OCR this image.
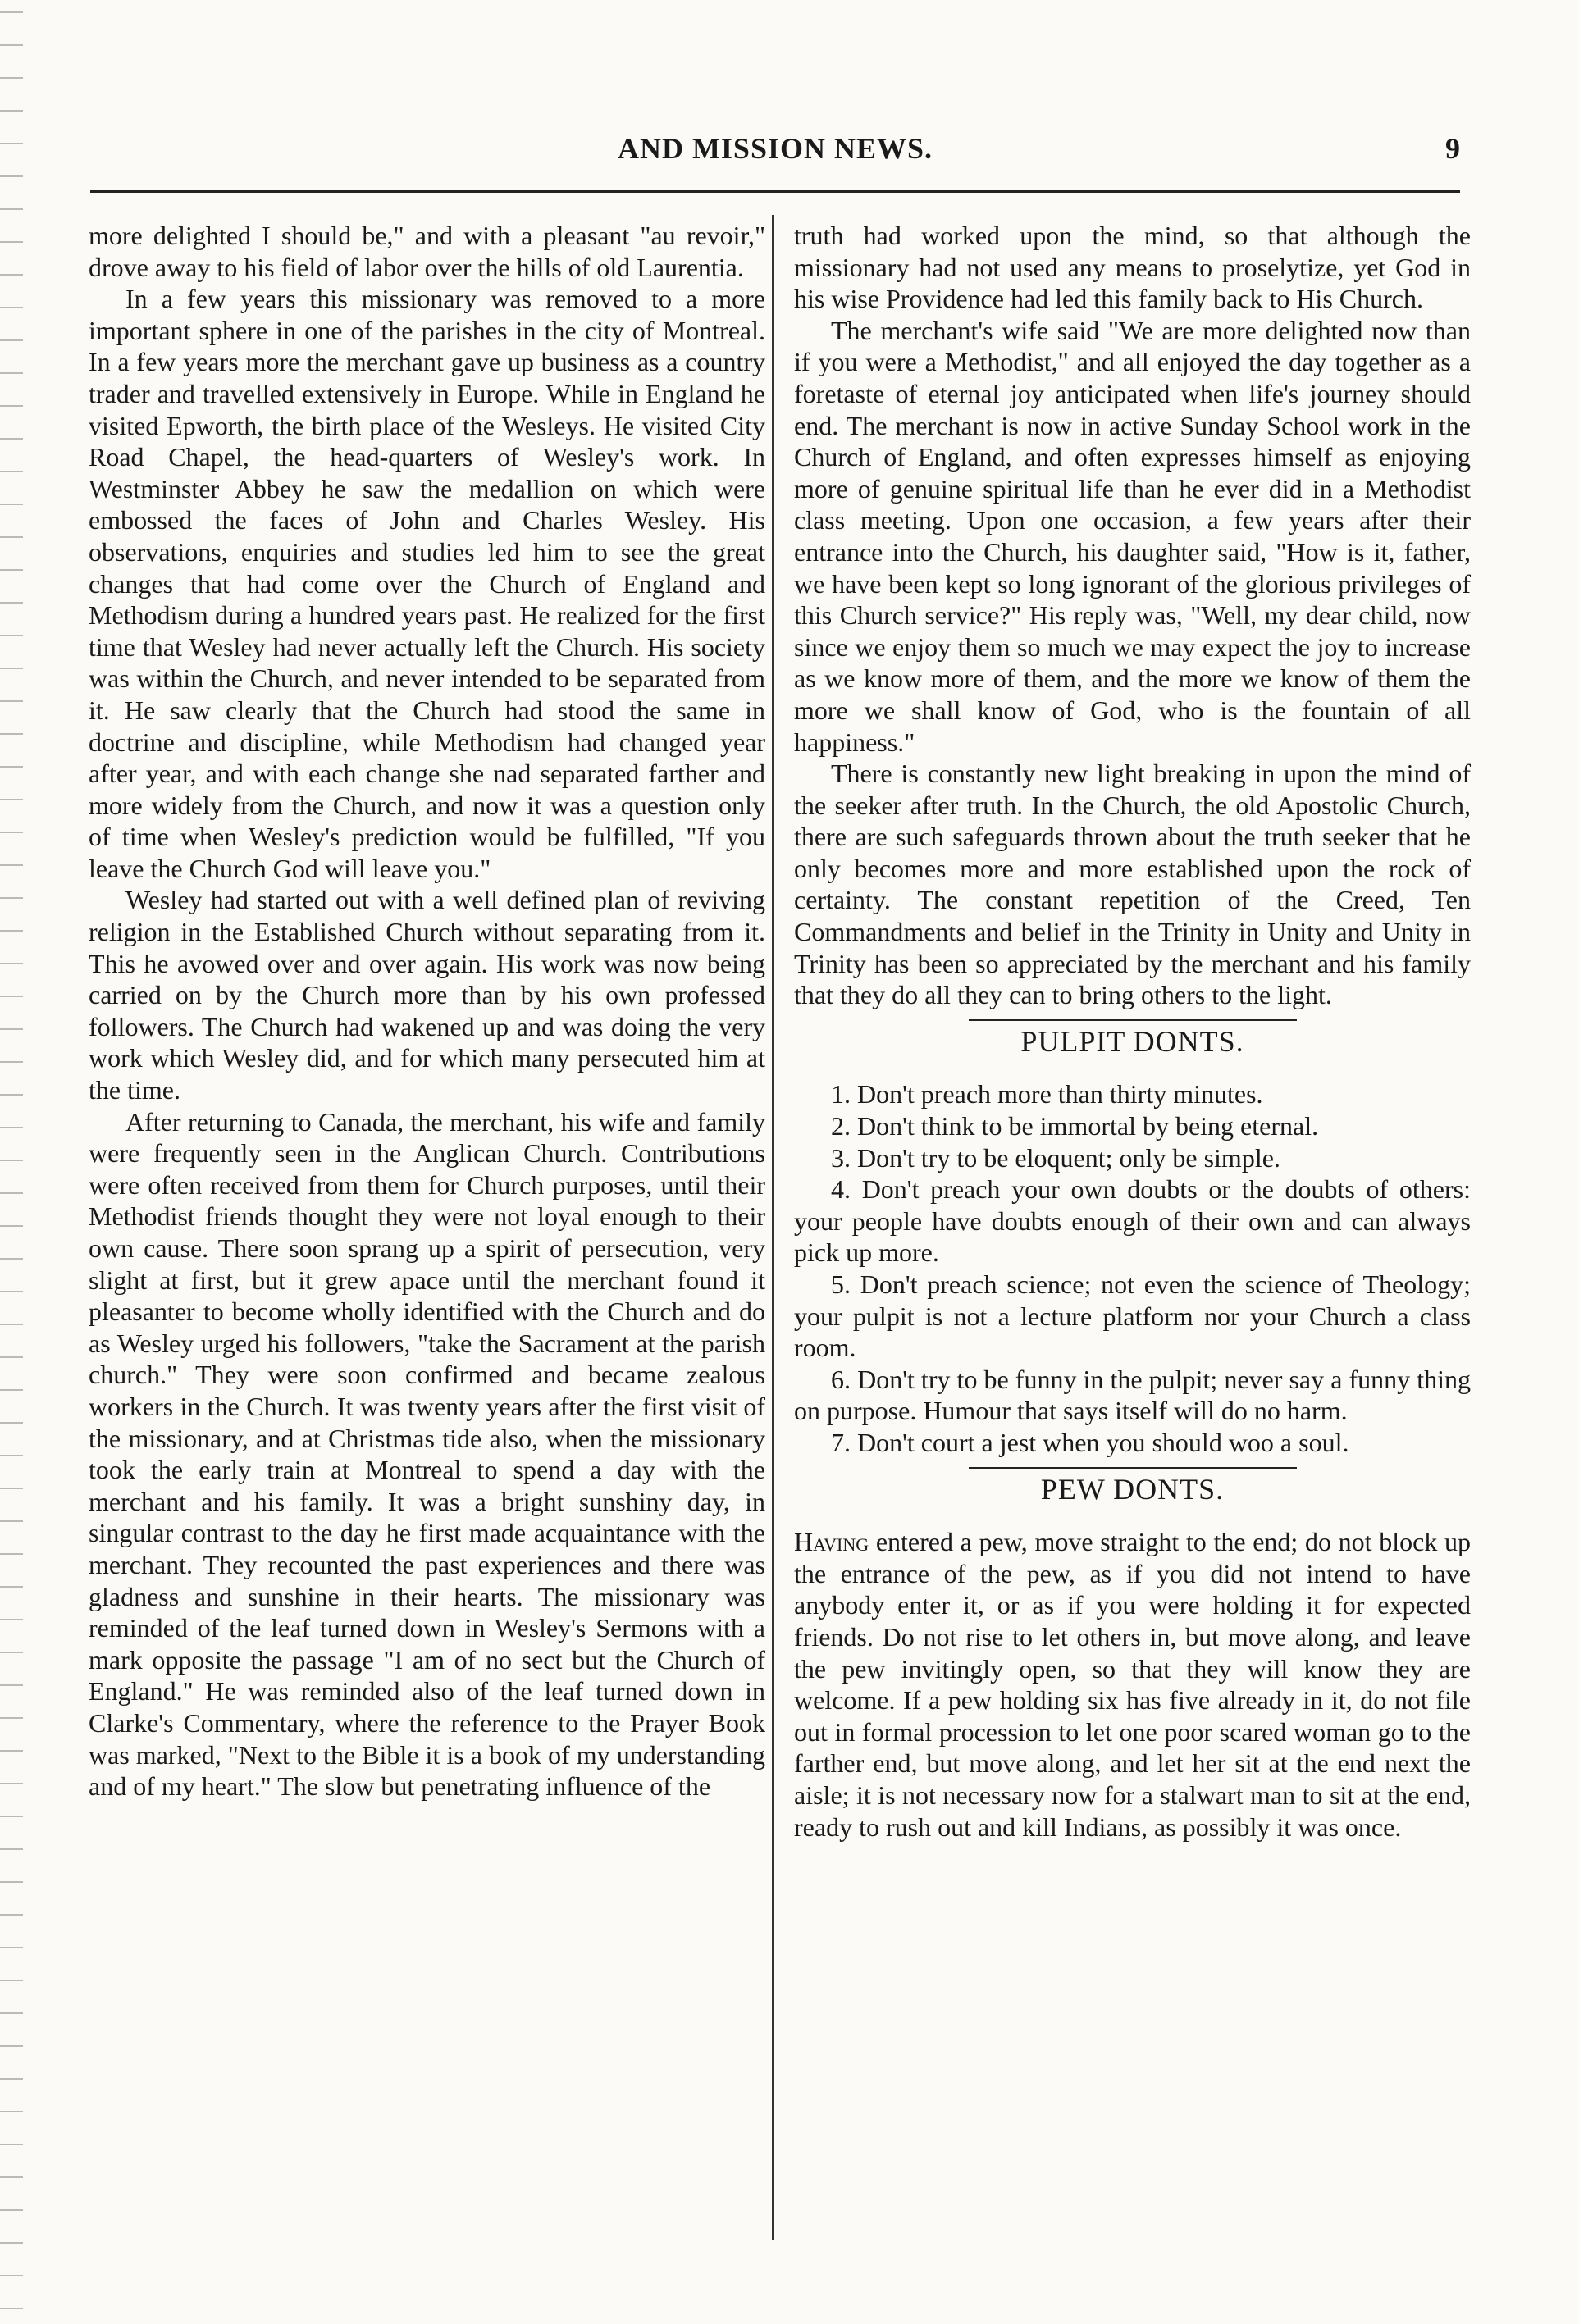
AND MISSION NEWS.	9

more delighted I should be," and with a pleasant "au revoir," drove away to his field of labor over the hills of old Laurentia.

In a few years this missionary was removed to a more important sphere in one of the parishes in the city of Montreal. In a few years more the merchant gave up business as a country trader and travelled extensively in Europe. While in England he visited Epworth, the birth place of the Wesleys. He visited City Road Chapel, the head-quarters of Wesley's work. In Westminster Abbey he saw the medallion on which were embossed the faces of John and Charles Wesley. His observations, enquiries and studies led him to see the great changes that had come over the Church of England and Methodism during a hundred years past. He realized for the first time that Wesley had never actually left the Church. His society was within the Church, and never intended to be separated from it. He saw clearly that the Church had stood the same in doctrine and discipline, while Methodism had changed year after year, and with each change she nad separated farther and more widely from the Church, and now it was a question only of time when Wesley's prediction would be fulfilled, "If you leave the Church God will leave you."

Wesley had started out with a well defined plan of reviving religion in the Established Church without separating from it. This he avowed over and over again. His work was now being carried on by the Church more than by his own professed followers. The Church had wakened up and was doing the very work which Wesley did, and for which many persecuted him at the time.

After returning to Canada, the merchant, his wife and family were frequently seen in the Anglican Church. Contributions were often received from them for Church purposes, until their Methodist friends thought they were not loyal enough to their own cause. There soon sprang up a spirit of persecution, very slight at first, but it grew apace until the merchant found it pleasanter to become wholly identified with the Church and do as Wesley urged his followers, "take the Sacrament at the parish church." They were soon confirmed and became zealous workers in the Church. It was twenty years after the first visit of the missionary, and at Christmas tide also, when the missionary took the early train at Montreal to spend a day with the merchant and his family. It was a bright sunshiny day, in singular contrast to the day he first made acquaintance with the merchant. They recounted the past experiences and there was gladness and sunshine in their hearts. The missionary was reminded of the leaf turned down in Wesley's Sermons with a mark opposite the passage "I am of no sect but the Church of England." He was reminded also of the leaf turned down in Clarke's Commentary, where the reference to the Prayer Book was marked, "Next to the Bible it is a book of my understanding and of my heart." The slow but penetrating influence of the

truth had worked upon the mind, so that although the missionary had not used any means to proselytize, yet God in his wise Providence had led this family back to His Church.

The merchant's wife said "We are more delighted now than if you were a Methodist," and all enjoyed the day together as a foretaste of eternal joy anticipated when life's journey should end. The merchant is now in active Sunday School work in the Church of England, and often expresses himself as enjoying more of genuine spiritual life than he ever did in a Methodist class meeting. Upon one occasion, a few years after their entrance into the Church, his daughter said, "How is it, father, we have been kept so long ignorant of the glorious privileges of this Church service?" His reply was, "Well, my dear child, now since we enjoy them so much we may expect the joy to increase as we know more of them, and the more we know of them the more we shall know of God, who is the fountain of all happiness."

There is constantly new light breaking in upon the mind of the seeker after truth. In the Church, the old Apostolic Church, there are such safeguards thrown about the truth seeker that he only becomes more and more established upon the rock of certainty. The constant repetition of the Creed, Ten Commandments and belief in the Trinity in Unity and Unity in Trinity has been so appreciated by the merchant and his family that they do all they can to bring others to the light.

PULPIT DONTS.

1. Don't preach more than thirty minutes.

2. Don't think to be immortal by being eternal.

3. Don't try to be eloquent; only be simple.

4. Don't preach your own doubts or the doubts of others: your people have doubts enough of their own and can always pick up more.

5. Don't preach science; not even the science of Theology; your pulpit is not a lecture platform nor your Church a class room.

6. Don't try to be funny in the pulpit; never say a funny thing on purpose. Humour that says itself will do no harm.

7. Don't court a jest when you should woo a soul.

PEW DONTS.

Having entered a pew, move straight to the end; do not block up the entrance of the pew, as if you did not intend to have anybody enter it, or as if you were holding it for expected friends. Do not rise to let others in, but move along, and leave the pew invitingly open, so that they will know they are welcome. If a pew holding six has five already in it, do not file out in formal procession to let one poor scared woman go to the farther end, but move along, and let her sit at the end next the aisle; it is not necessary now for a stalwart man to sit at the end, ready to rush out and kill Indians, as possibly it was once.
